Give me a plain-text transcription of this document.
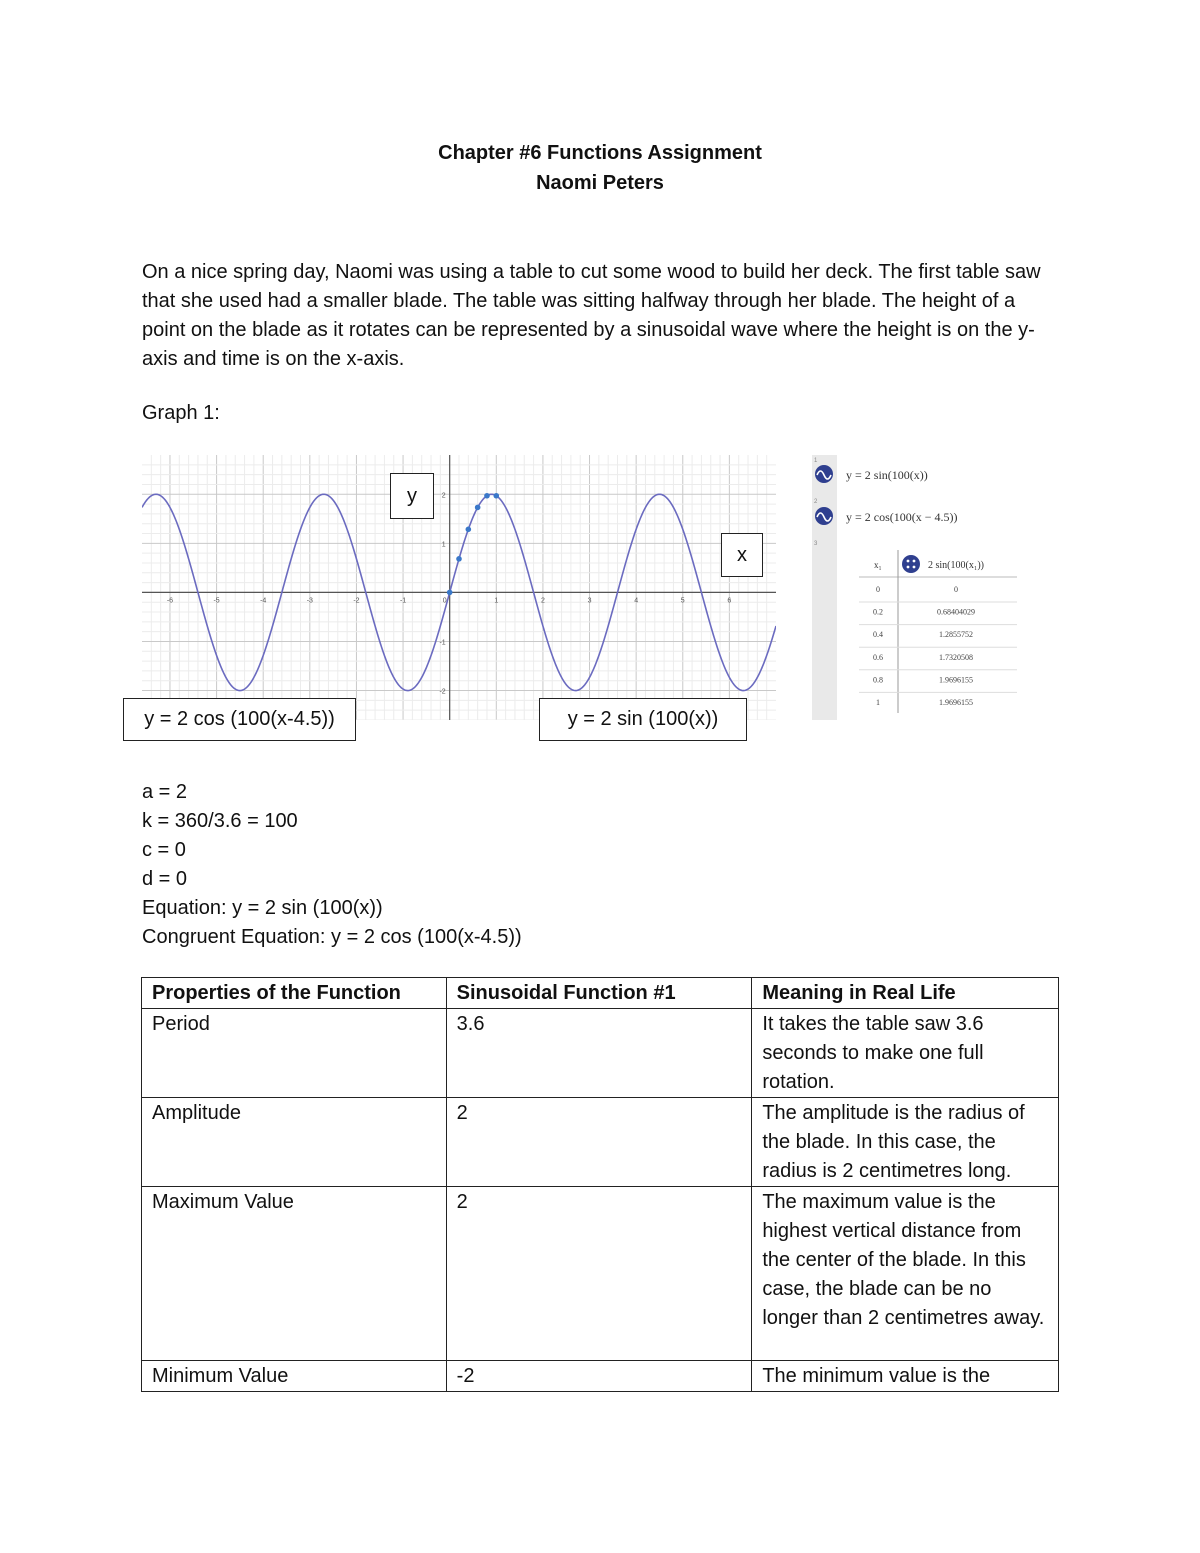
Chapter #6 Functions Assignment
Naomi Peters

On a nice spring day, Naomi was using a table to cut some wood to build her deck. The first table saw that she used had a smaller blade. The table was sitting halfway through her blade. The height of a point on the blade as it rotates can be represented by a sinusoidal wave where the height is on the y-axis and time is on the x-axis.

Graph 1:
-6	-5	-4	-3	-2	-1	0	1	2	3	4	5	6
2
1
-1
-2
y
x
y = 2 cos (100(x-4.5))	y = 2 sin (100(x))
1
2
3
y = 2 sin(100(x))
y = 2 cos(100(x − 4.5))
x₁	2 sin(100(x₁))
0	0
0.2	0.68404029
0.4	1.2855752
0.6	1.7320508
0.8	1.9696155
1	1.9696155
a = 2
k = 360/3.6 = 100
c = 0
d = 0
Equation: y = 2 sin (100(x))
Congruent Equation: y = 2 cos (100(x-4.5))
Properties of the Function	Sinusoidal Function #1	Meaning in Real Life
Period	3.6	It takes the table saw 3.6 seconds to make one full rotation.
Amplitude	2	The amplitude is the radius of the blade. In this case, the radius is 2 centimetres long.
Maximum Value	2	The maximum value is the highest vertical distance from the center of the blade. In this case, the blade can be no longer than 2 centimetres away.
Minimum Value	-2	The minimum value is the
